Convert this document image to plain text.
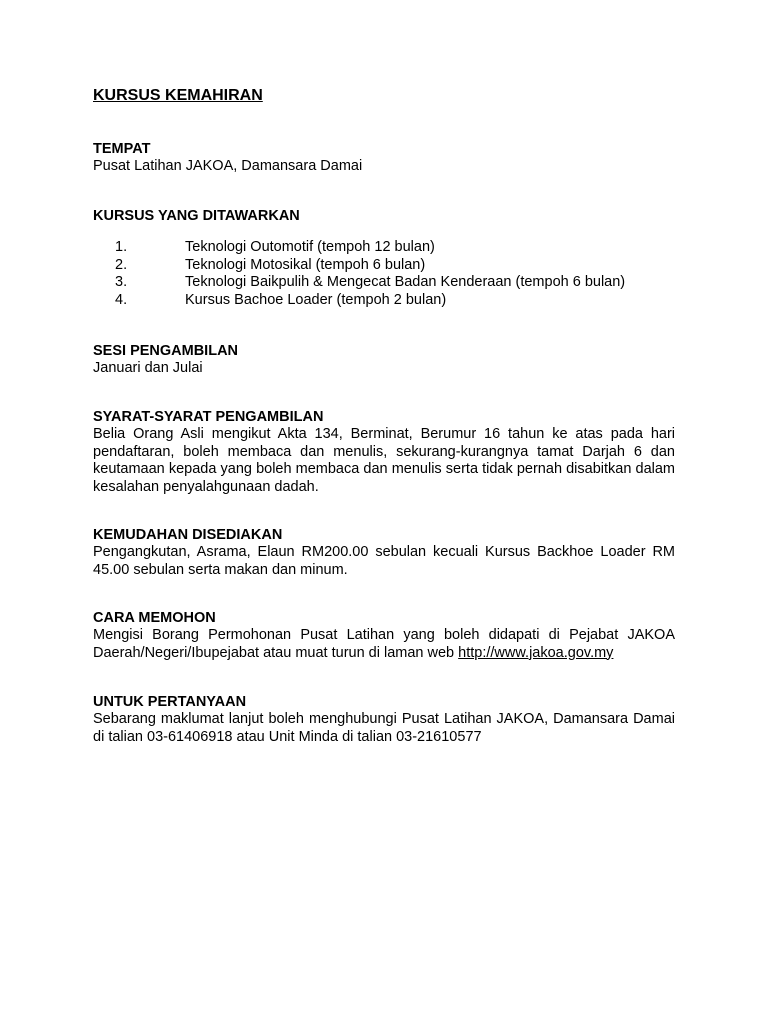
KURSUS KEMAHIRAN
TEMPAT

Pusat Latihan JAKOA, Damansara Damai

KURSUS YANG DITAWARKAN
1.	Teknologi Outomotif (tempoh 12 bulan)
2.	Teknologi Motosikal (tempoh 6 bulan)
3.	Teknologi Baikpulih & Mengecat Badan Kenderaan (tempoh 6 bulan)
4.	Kursus Bachoe Loader (tempoh 2 bulan)
SESI PENGAMBILAN

Januari dan Julai

SYARAT-SYARAT PENGAMBILAN

Belia Orang Asli mengikut Akta 134, Berminat, Berumur 16 tahun ke atas pada hari pendaftaran, boleh membaca dan menulis, sekurang-kurangnya tamat Darjah 6 dan keutamaan kepada yang boleh membaca dan menulis serta tidak pernah disabitkan dalam kesalahan penyalahgunaan dadah.

KEMUDAHAN DISEDIAKAN

Pengangkutan, Asrama, Elaun RM200.00 sebulan kecuali Kursus Backhoe Loader RM 45.00 sebulan serta makan dan minum.

CARA MEMOHON

Mengisi Borang Permohonan Pusat Latihan yang boleh didapati di Pejabat JAKOA Daerah/Negeri/Ibupejabat atau muat turun di laman web http://www.jakoa.gov.my

UNTUK PERTANYAAN

Sebarang maklumat lanjut boleh menghubungi Pusat Latihan JAKOA, Damansara Damai di talian 03-61406918 atau Unit Minda di talian 03-21610577
